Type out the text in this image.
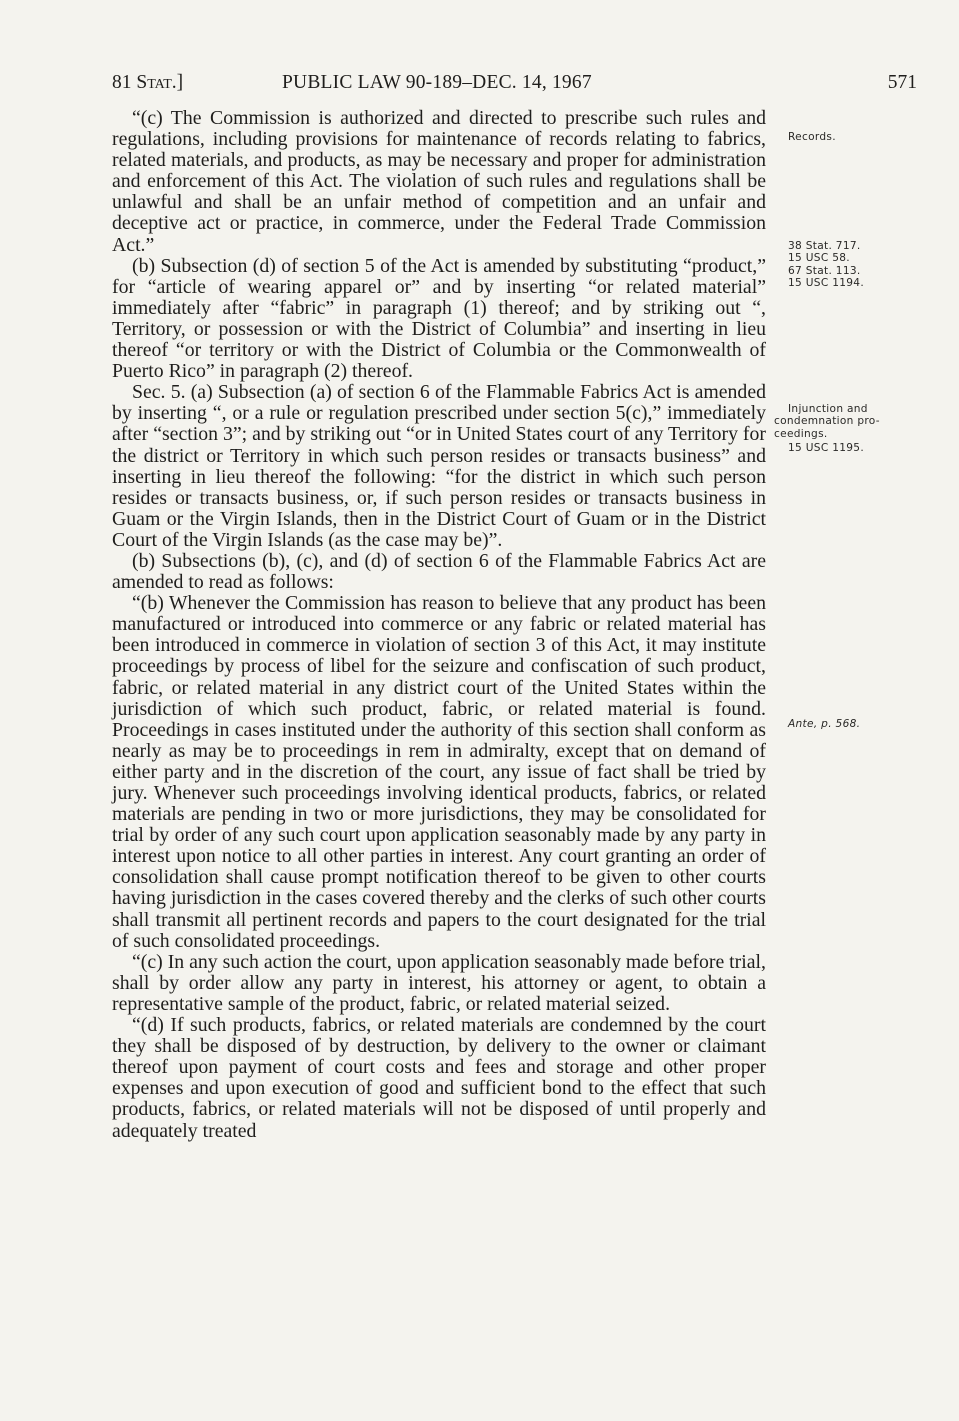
81 Stat.]	PUBLIC LAW 90-189–DEC. 14, 1967	571

“(c) The Commission is authorized and directed to prescribe such rules and regulations, including provisions for maintenance of records relating to fabrics, related materials, and products, as may be necessary and proper for administration and enforcement of this Act. The violation of such rules and regulations shall be unlawful and shall be an unfair method of competition and an unfair and deceptive act or practice, in commerce, under the Federal Trade Commission Act.”

(b) Subsection (d) of section 5 of the Act is amended by substituting “product,” for “article of wearing apparel or” and by inserting “or related material” immediately after “fabric” in paragraph (1) thereof; and by striking out “, Territory, or possession or with the District of Columbia” and inserting in lieu thereof “or territory or with the District of Columbia or the Commonwealth of Puerto Rico” in paragraph (2) thereof.

Sec. 5. (a) Subsection (a) of section 6 of the Flammable Fabrics Act is amended by inserting “, or a rule or regulation prescribed under section 5(c),” immediately after “section 3”; and by striking out “or in United States court of any Territory for the district or Territory in which such person resides or transacts business” and inserting in lieu thereof the following: “for the district in which such person resides or transacts business, or, if such person resides or transacts business in Guam or the Virgin Islands, then in the District Court of Guam or in the District Court of the Virgin Islands (as the case may be)”.

(b) Subsections (b), (c), and (d) of section 6 of the Flammable Fabrics Act are amended to read as follows:

“(b) Whenever the Commission has reason to believe that any product has been manufactured or introduced into commerce or any fabric or related material has been introduced in commerce in violation of section 3 of this Act, it may institute proceedings by process of libel for the seizure and confiscation of such product, fabric, or related material in any district court of the United States within the jurisdiction of which such product, fabric, or related material is found. Proceedings in cases instituted under the authority of this section shall conform as nearly as may be to proceedings in rem in admiralty, except that on demand of either party and in the discretion of the court, any issue of fact shall be tried by jury. Whenever such proceedings involving identical products, fabrics, or related materials are pending in two or more jurisdictions, they may be consolidated for trial by order of any such court upon application seasonably made by any party in interest upon notice to all other parties in interest. Any court granting an order of consolidation shall cause prompt notification thereof to be given to other courts having jurisdiction in the cases covered thereby and the clerks of such other courts shall transmit all pertinent records and papers to the court designated for the trial of such consolidated proceedings.

“(c) In any such action the court, upon application seasonably made before trial, shall by order allow any party in interest, his attorney or agent, to obtain a representative sample of the product, fabric, or related material seized.

“(d) If such products, fabrics, or related materials are condemned by the court they shall be disposed of by destruction, by delivery to the owner or claimant thereof upon payment of court costs and fees and storage and other proper expenses and upon execution of good and sufficient bond to the effect that such products, fabrics, or related materials will not be disposed of until properly and adequately treated

Records.
38 Stat. 717.
15 USC 58.
67 Stat. 113.
15 USC 1194.
Injunction and
condemnation pro-
ceedings.
15 USC 1195.
Ante, p. 568.
